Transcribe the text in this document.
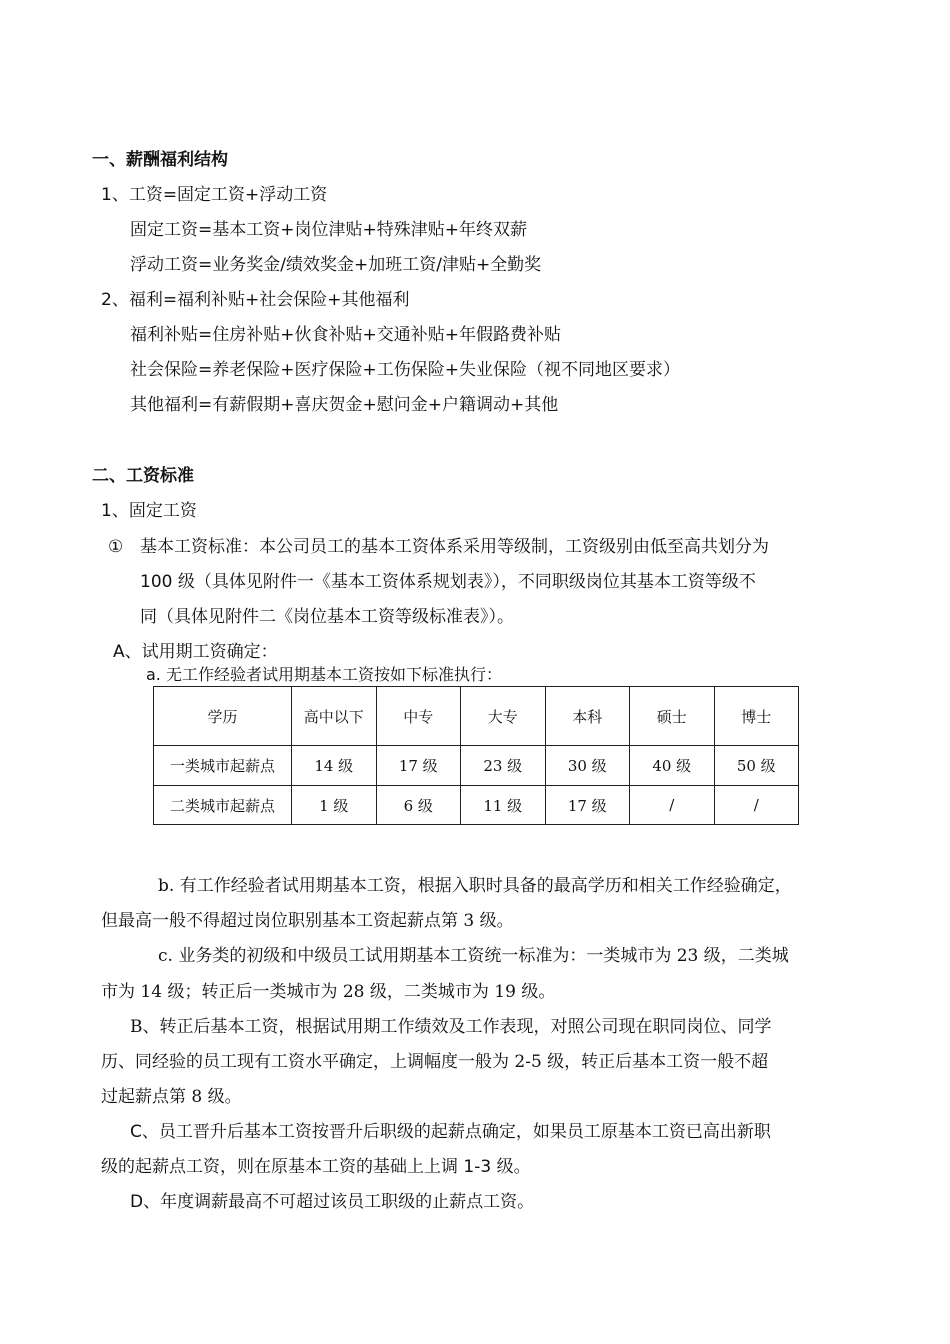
一、薪酬福利结构
1、工资=固定工资+浮动工资
固定工资=基本工资+岗位津贴+特殊津贴+年终双薪
浮动工资=业务奖金/绩效奖金+加班工资/津贴+全勤奖
2、福利=福利补贴+社会保险+其他福利
福利补贴=住房补贴+伙食补贴+交通补贴+年假路费补贴
社会保险=养老保险+医疗保险+工伤保险+失业保险（视不同地区要求）
其他福利=有薪假期+喜庆贺金+慰问金+户籍调动+其他
二、工资标准
1、固定工资
① 基本工资标准：本公司员工的基本工资体系采用等级制，工资级别由低至高共划分为
100 级（具体见附件一《基本工资体系规划表》），不同职级岗位其基本工资等级不
同（具体见附件二《岗位基本工资等级标准表》）。
A、试用期工资确定：
a. 无工作经验者试用期基本工资按如下标准执行：
学历	高中以下	中专	大专	本科	硕士	博士
一类城市起薪点	14 级	17 级	23 级	30 级	40 级	50 级
二类城市起薪点	1 级	6 级	11 级	17 级	/	/
b. 有工作经验者试用期基本工资，根据入职时具备的最高学历和相关工作经验确定，
但最高一般不得超过岗位职别基本工资起薪点第 3 级。
c. 业务类的初级和中级员工试用期基本工资统一标准为：一类城市为 23 级，二类城
市为 14 级；转正后一类城市为 28 级，二类城市为 19 级。
B、转正后基本工资，根据试用期工作绩效及工作表现，对照公司现在职同岗位、同学
历、同经验的员工现有工资水平确定，上调幅度一般为 2-5 级，转正后基本工资一般不超
过起薪点第 8 级。
C、员工晋升后基本工资按晋升后职级的起薪点确定，如果员工原基本工资已高出新职
级的起薪点工资，则在原基本工资的基础上上调 1-3 级。
D、年度调薪最高不可超过该员工职级的止薪点工资。
